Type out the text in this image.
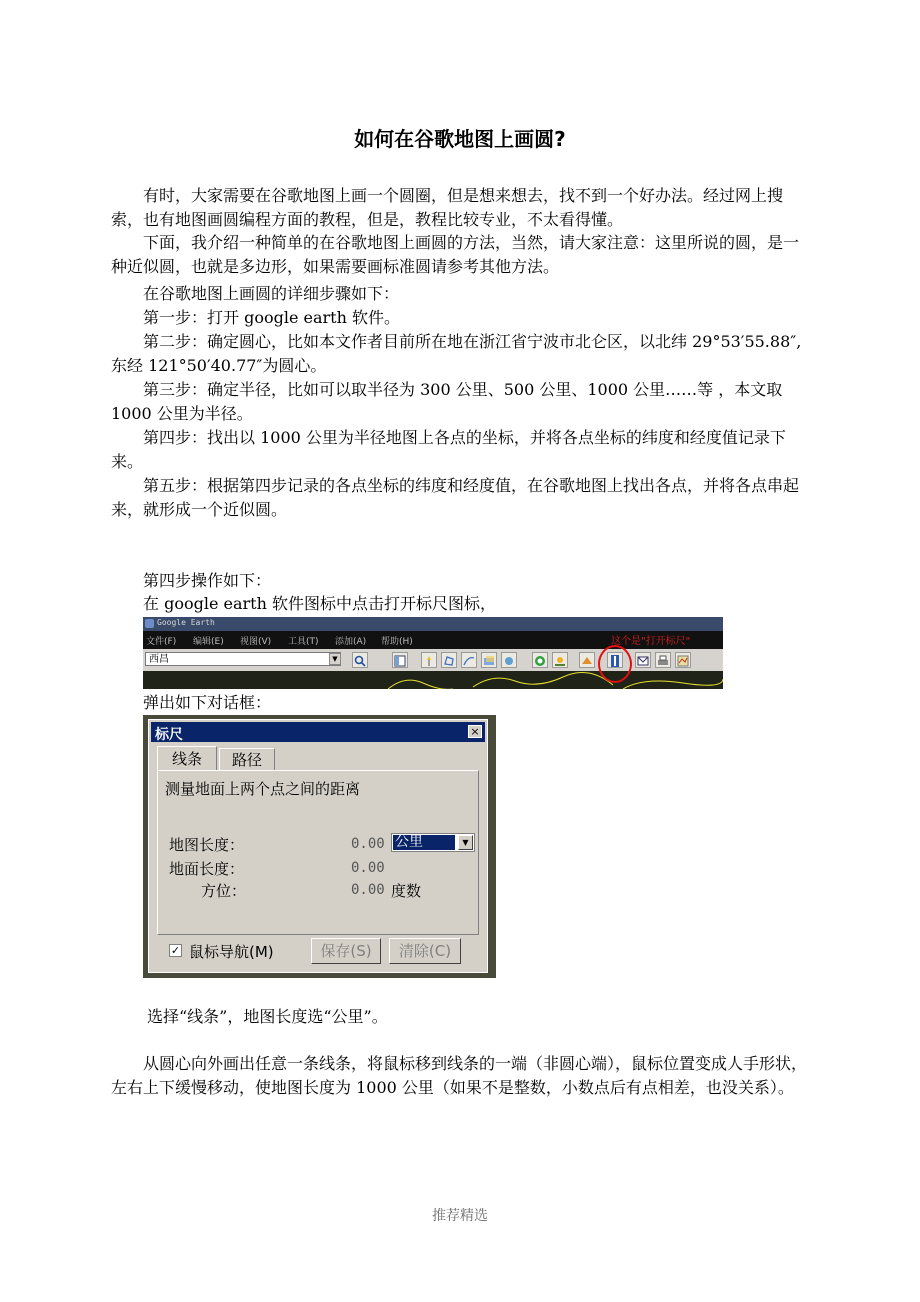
如何在谷歌地图上画圆?
有时，大家需要在谷歌地图上画一个圆圈，但是想来想去，找不到一个好办法。经过网上搜索，也有地图画圆编程方面的教程，但是，教程比较专业，不太看得懂。
下面，我介绍一种简单的在谷歌地图上画圆的方法，当然，请大家注意：这里所说的圆，是一种近似圆，也就是多边形，如果需要画标准圆请参考其他方法。
在谷歌地图上画圆的详细步骤如下：
第一步：打开 google earth 软件。
第二步：确定圆心，比如本文作者目前所在地在浙江省宁波市北仑区，以北纬 29°53′55.88″,东经 121°50′40.77″为圆心。
第三步：确定半径，比如可以取半径为 300 公里、500 公里、1000 公里……等 ，本文取 1000 公里为半径。
第四步：找出以 1000 公里为半径地图上各点的坐标，并将各点坐标的纬度和经度值记录下来。
第五步：根据第四步记录的各点坐标的纬度和经度值，在谷歌地图上找出各点，并将各点串起来，就形成一个近似圆。
第四步操作如下：
在 google earth 软件图标中点击打开标尺图标，
Google Earth
文件(F) 编辑(E) 视图(V) 工具(T) 添加(A) 帮助(H)	这个是"打开标尺"
西昌	▼
弹出如下对话框：
标尺	×
线条	路径
测量地面上两个点之间的距离
地图长度：	0.00 公里	▼
地面长度：	0.00
方位：	0.00 度数
✓ 鼠标导航(M)	保存(S)	清除(C)
选择“线条”，地图长度选“公里”。
从圆心向外画出任意一条线条，将鼠标移到线条的一端（非圆心端），鼠标位置变成人手形状，左右上下缓慢移动，使地图长度为 1000 公里（如果不是整数，小数点后有点相差，也没关系）。
推荐精选
